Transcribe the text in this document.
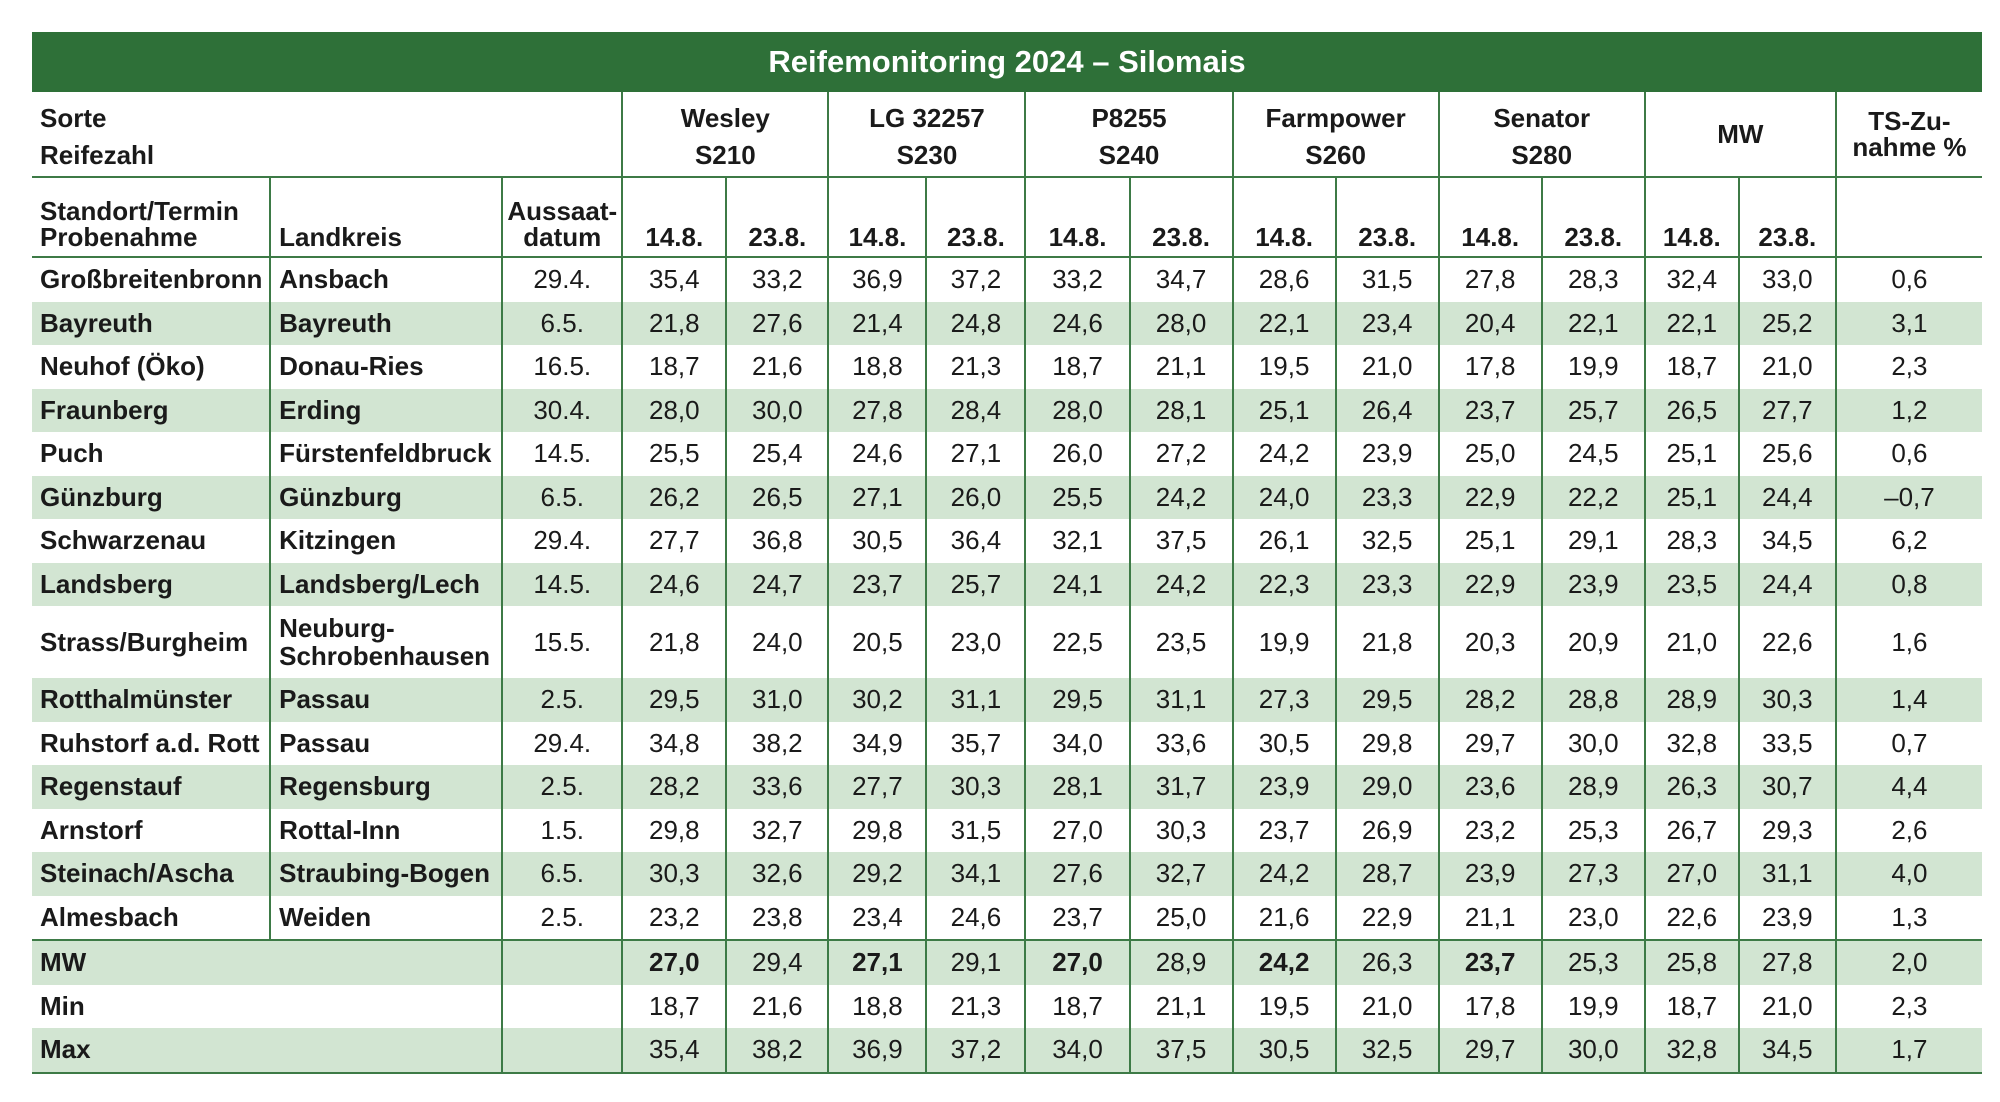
Reifemonitoring 2024 – Silomais
Sorte			Wesley		LG 32257		P8255		Farmpower		Senator		MW		TS-Zu-
nahme %
Reifezahl			S210		S230		S240		S260		S280				
Standort/Termin
Probenahme	Landkreis	Aussaat-
datum	14.8.	23.8.	14.8.	23.8.	14.8.	23.8.	14.8.	23.8.	14.8.	23.8.	14.8.	23.8.	
Großbreitenbronn	Ansbach	29.4.	35,4	33,2	36,9	37,2	33,2	34,7	28,6	31,5	27,8	28,3	32,4	33,0	0,6
Bayreuth	Bayreuth	6.5.	21,8	27,6	21,4	24,8	24,6	28,0	22,1	23,4	20,4	22,1	22,1	25,2	3,1
Neuhof (Öko)	Donau-Ries	16.5.	18,7	21,6	18,8	21,3	18,7	21,1	19,5	21,0	17,8	19,9	18,7	21,0	2,3
Fraunberg	Erding	30.4.	28,0	30,0	27,8	28,4	28,0	28,1	25,1	26,4	23,7	25,7	26,5	27,7	1,2
Puch	Fürstenfeldbruck	14.5.	25,5	25,4	24,6	27,1	26,0	27,2	24,2	23,9	25,0	24,5	25,1	25,6	0,6
Günzburg	Günzburg	6.5.	26,2	26,5	27,1	26,0	25,5	24,2	24,0	23,3	22,9	22,2	25,1	24,4	–0,7
Schwarzenau	Kitzingen	29.4.	27,7	36,8	30,5	36,4	32,1	37,5	26,1	32,5	25,1	29,1	28,3	34,5	6,2
Landsberg	Landsberg/Lech	14.5.	24,6	24,7	23,7	25,7	24,1	24,2	22,3	23,3	22,9	23,9	23,5	24,4	0,8
Strass/Burgheim	Neuburg-
Schrobenhausen	15.5.	21,8	24,0	20,5	23,0	22,5	23,5	19,9	21,8	20,3	20,9	21,0	22,6	1,6
Rotthalmünster	Passau	2.5.	29,5	31,0	30,2	31,1	29,5	31,1	27,3	29,5	28,2	28,8	28,9	30,3	1,4
Ruhstorf a.d. Rott	Passau	29.4.	34,8	38,2	34,9	35,7	34,0	33,6	30,5	29,8	29,7	30,0	32,8	33,5	0,7
Regenstauf	Regensburg	2.5.	28,2	33,6	27,7	30,3	28,1	31,7	23,9	29,0	23,6	28,9	26,3	30,7	4,4
Arnstorf	Rottal-Inn	1.5.	29,8	32,7	29,8	31,5	27,0	30,3	23,7	26,9	23,2	25,3	26,7	29,3	2,6
Steinach/Ascha	Straubing-Bogen	6.5.	30,3	32,6	29,2	34,1	27,6	32,7	24,2	28,7	23,9	27,3	27,0	31,1	4,0
Almesbach	Weiden	2.5.	23,2	23,8	23,4	24,6	23,7	25,0	21,6	22,9	21,1	23,0	22,6	23,9	1,3
MW			27,0	29,4	27,1	29,1	27,0	28,9	24,2	26,3	23,7	25,3	25,8	27,8	2,0
Min			18,7	21,6	18,8	21,3	18,7	21,1	19,5	21,0	17,8	19,9	18,7	21,0	2,3
Max			35,4	38,2	36,9	37,2	34,0	37,5	30,5	32,5	29,7	30,0	32,8	34,5	1,7
